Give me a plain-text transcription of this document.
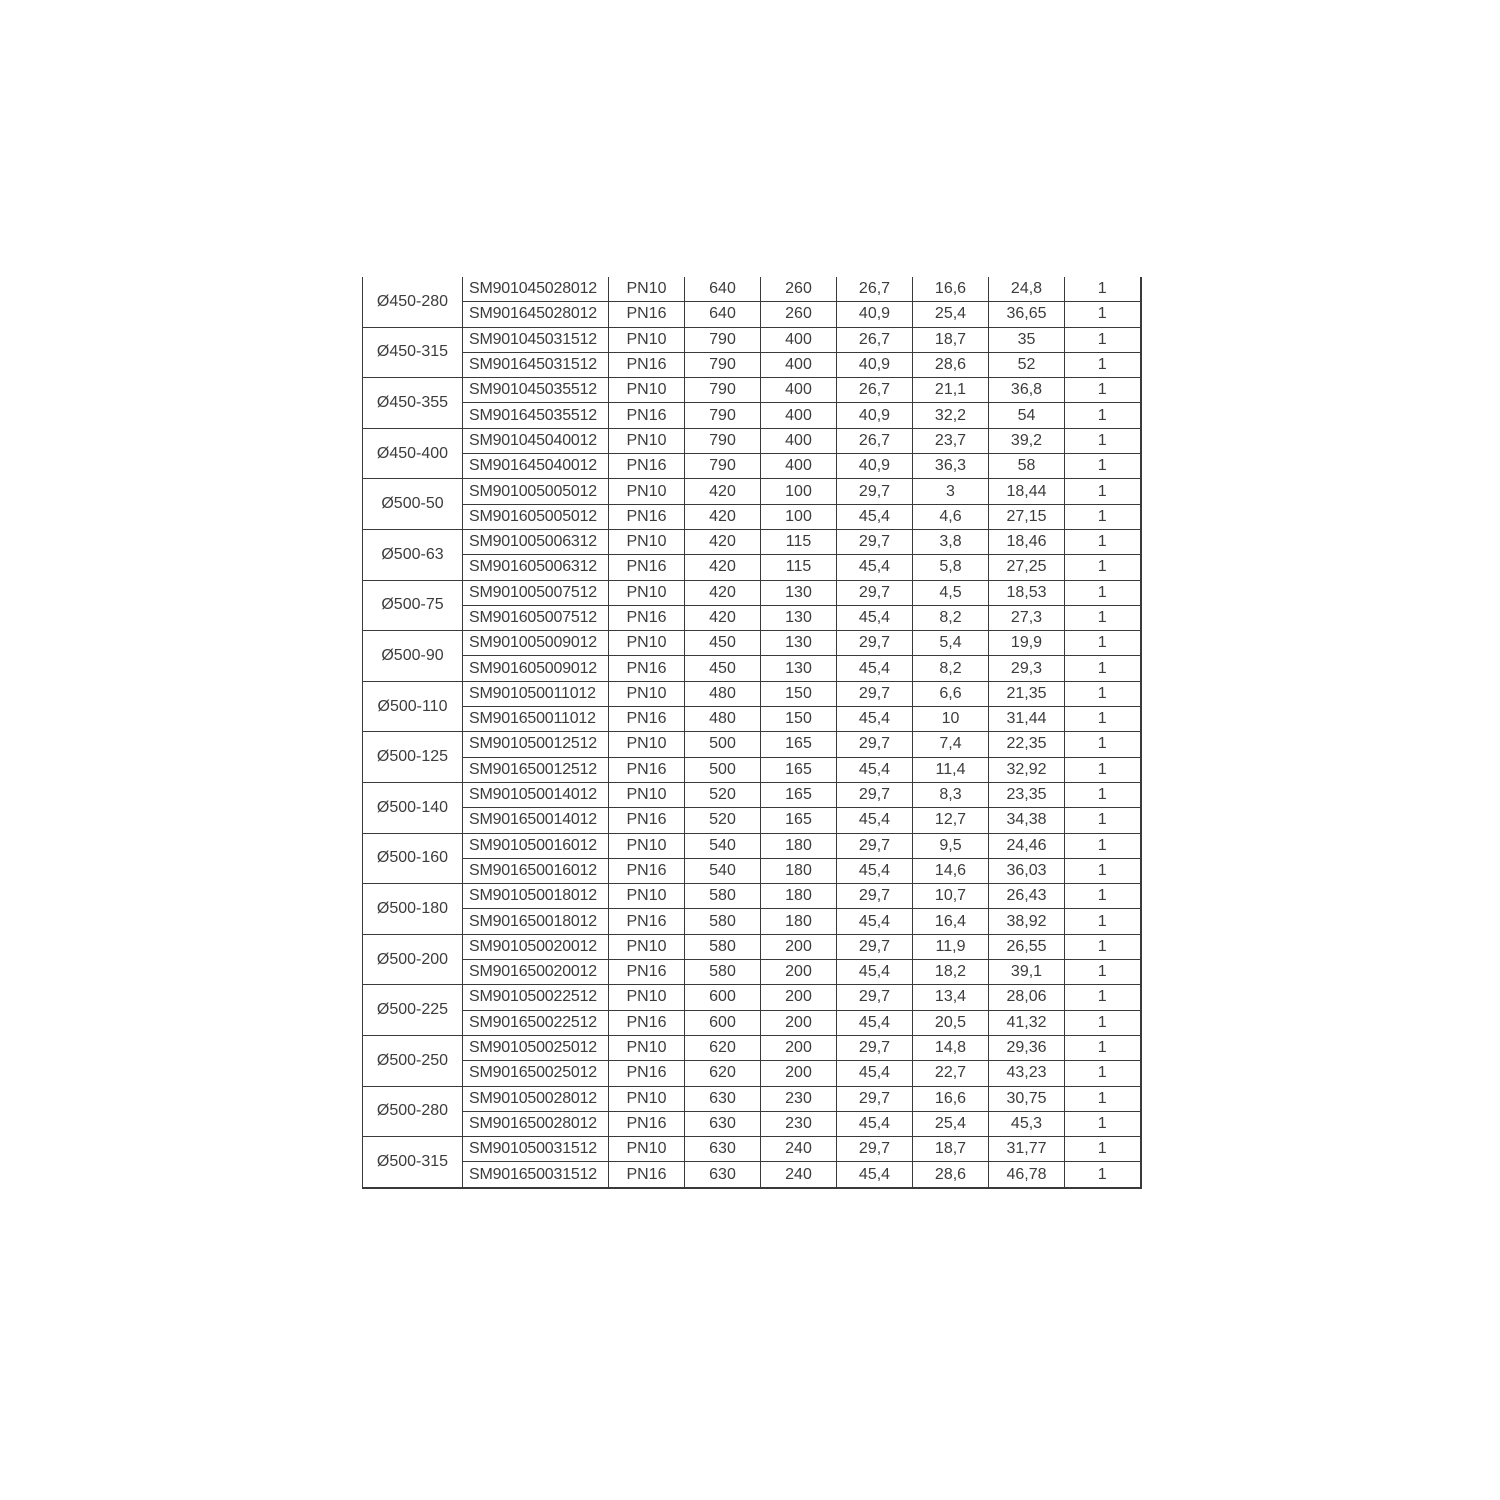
Ø450-280	SM901045028012	PN10	640	260	26,7	16,6	24,8	1
	SM901645028012	PN16	640	260	40,9	25,4	36,65	1
Ø450-315	SM901045031512	PN10	790	400	26,7	18,7	35	1
	SM901645031512	PN16	790	400	40,9	28,6	52	1
Ø450-355	SM901045035512	PN10	790	400	26,7	21,1	36,8	1
	SM901645035512	PN16	790	400	40,9	32,2	54	1
Ø450-400	SM901045040012	PN10	790	400	26,7	23,7	39,2	1
	SM901645040012	PN16	790	400	40,9	36,3	58	1
Ø500-50	SM901005005012	PN10	420	100	29,7	3	18,44	1
	SM901605005012	PN16	420	100	45,4	4,6	27,15	1
Ø500-63	SM901005006312	PN10	420	115	29,7	3,8	18,46	1
	SM901605006312	PN16	420	115	45,4	5,8	27,25	1
Ø500-75	SM901005007512	PN10	420	130	29,7	4,5	18,53	1
	SM901605007512	PN16	420	130	45,4	8,2	27,3	1
Ø500-90	SM901005009012	PN10	450	130	29,7	5,4	19,9	1
	SM901605009012	PN16	450	130	45,4	8,2	29,3	1
Ø500-110	SM901050011012	PN10	480	150	29,7	6,6	21,35	1
	SM901650011012	PN16	480	150	45,4	10	31,44	1
Ø500-125	SM901050012512	PN10	500	165	29,7	7,4	22,35	1
	SM901650012512	PN16	500	165	45,4	11,4	32,92	1
Ø500-140	SM901050014012	PN10	520	165	29,7	8,3	23,35	1
	SM901650014012	PN16	520	165	45,4	12,7	34,38	1
Ø500-160	SM901050016012	PN10	540	180	29,7	9,5	24,46	1
	SM901650016012	PN16	540	180	45,4	14,6	36,03	1
Ø500-180	SM901050018012	PN10	580	180	29,7	10,7	26,43	1
	SM901650018012	PN16	580	180	45,4	16,4	38,92	1
Ø500-200	SM901050020012	PN10	580	200	29,7	11,9	26,55	1
	SM901650020012	PN16	580	200	45,4	18,2	39,1	1
Ø500-225	SM901050022512	PN10	600	200	29,7	13,4	28,06	1
	SM901650022512	PN16	600	200	45,4	20,5	41,32	1
Ø500-250	SM901050025012	PN10	620	200	29,7	14,8	29,36	1
	SM901650025012	PN16	620	200	45,4	22,7	43,23	1
Ø500-280	SM901050028012	PN10	630	230	29,7	16,6	30,75	1
	SM901650028012	PN16	630	230	45,4	25,4	45,3	1
Ø500-315	SM901050031512	PN10	630	240	29,7	18,7	31,77	1
	SM901650031512	PN16	630	240	45,4	28,6	46,78	1
